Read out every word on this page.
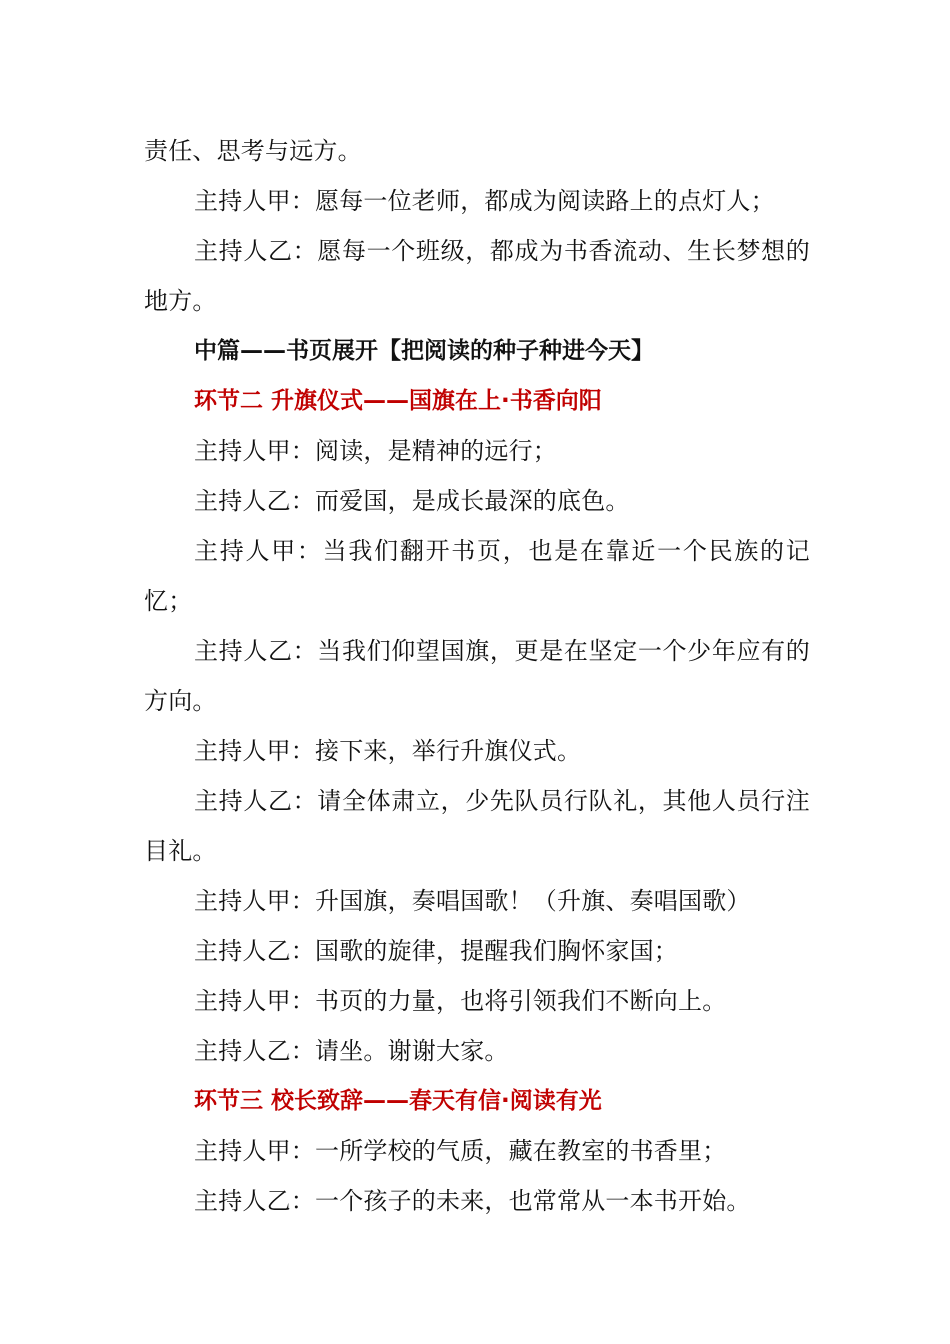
责任、思考与远方。

主持人甲：愿每一位老师，都成为阅读路上的点灯人；

主持人乙：愿每一个班级，都成为书香流动、生长梦想的地方。

中篇——书页展开【把阅读的种子种进今天】

环节二 升旗仪式——国旗在上·书香向阳

主持人甲：阅读，是精神的远行；

主持人乙：而爱国，是成长最深的底色。

主持人甲：当我们翻开书页，也是在靠近一个民族的记忆；

主持人乙：当我们仰望国旗，更是在坚定一个少年应有的方向。

主持人甲：接下来，举行升旗仪式。

主持人乙：请全体肃立，少先队员行队礼，其他人员行注目礼。

主持人甲：升国旗，奏唱国歌！（升旗、奏唱国歌）

主持人乙：国歌的旋律，提醒我们胸怀家国；

主持人甲：书页的力量，也将引领我们不断向上。

主持人乙：请坐。谢谢大家。

环节三 校长致辞——春天有信·阅读有光

主持人甲：一所学校的气质，藏在教室的书香里；

主持人乙：一个孩子的未来，也常常从一本书开始。
